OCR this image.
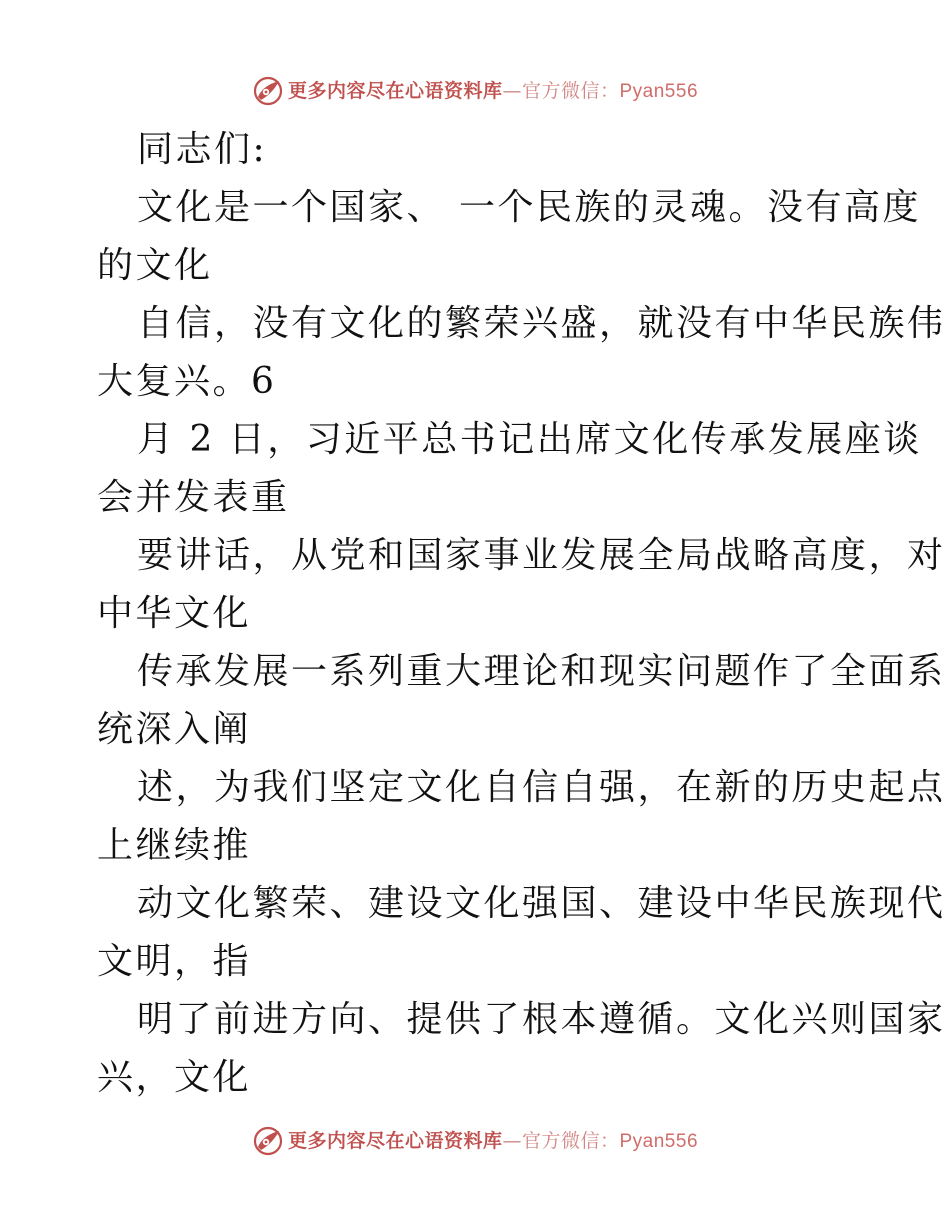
更多内容尽在心语资料库—官方微信：Pyan556
同志们:
文化是一个国家、 一个民族的灵魂。没有高度
的文化
自信，没有文化的繁荣兴盛，就没有中华民族伟
大复兴。6
月 2 日，习近平总书记出席文化传承发展座谈
会并发表重
要讲话，从党和国家事业发展全局战略高度，对
中华文化
传承发展一系列重大理论和现实问题作了全面系
统深入阐
述，为我们坚定文化自信自强，在新的历史起点
上继续推
动文化繁荣、建设文化强国、建设中华民族现代
文明，指
明了前进方向、提供了根本遵循。文化兴则国家
兴，文化
更多内容尽在心语资料库—官方微信：Pyan556
